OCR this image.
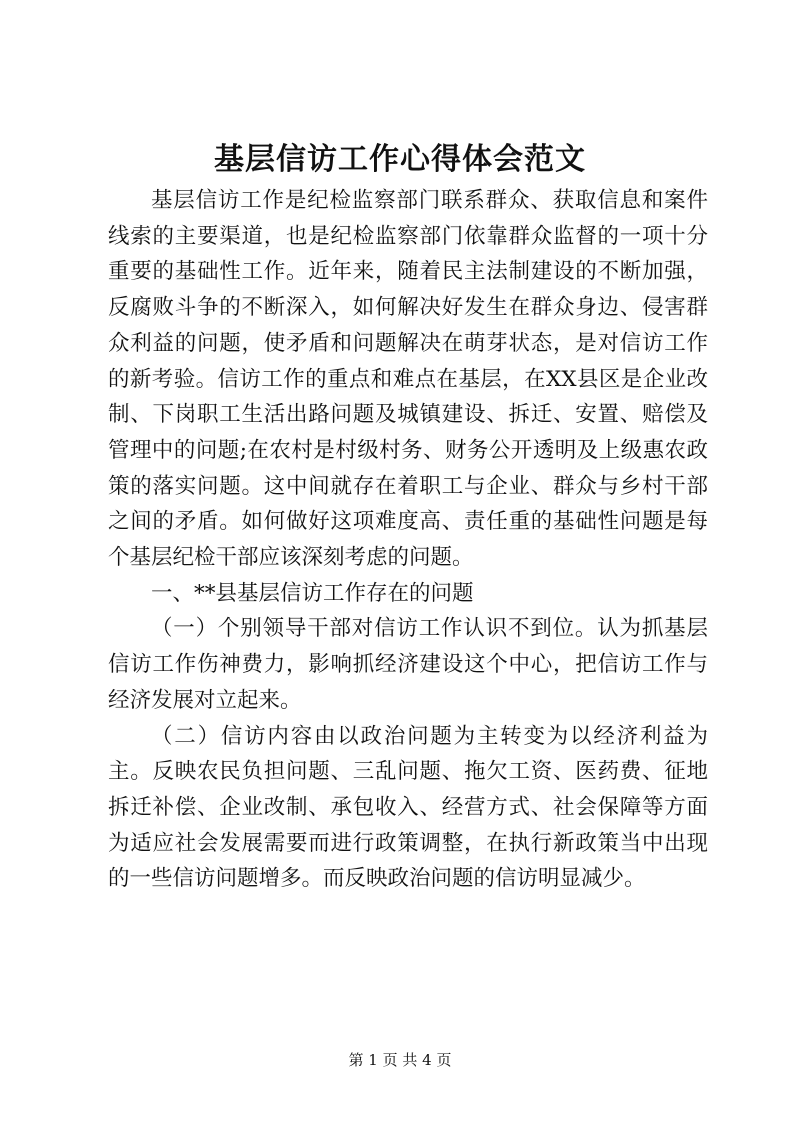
基层信访工作心得体会范文

基层信访工作是纪检监察部门联系群众、获取信息和案件线索的主要渠道，也是纪检监察部门依靠群众监督的一项十分重要的基础性工作。近年来，随着民主法制建设的不断加强，反腐败斗争的不断深入，如何解决好发生在群众身边、侵害群众利益的问题，使矛盾和问题解决在萌芽状态，是对信访工作的新考验。信访工作的重点和难点在基层，在XX县区是企业改制、下岗职工生活出路问题及城镇建设、拆迁、安置、赔偿及管理中的问题;在农村是村级村务、财务公开透明及上级惠农政策的落实问题。这中间就存在着职工与企业、群众与乡村干部之间的矛盾。如何做好这项难度高、责任重的基础性问题是每个基层纪检干部应该深刻考虑的问题。

一、**县基层信访工作存在的问题

（一）个别领导干部对信访工作认识不到位。认为抓基层信访工作伤神费力，影响抓经济建设这个中心，把信访工作与经济发展对立起来。

（二）信访内容由以政治问题为主转变为以经济利益为主。反映农民负担问题、三乱问题、拖欠工资、医药费、征地拆迁补偿、企业改制、承包收入、经营方式、社会保障等方面为适应社会发展需要而进行政策调整，在执行新政策当中出现的一些信访问题增多。而反映政治问题的信访明显减少。

第 1 页 共 4 页
